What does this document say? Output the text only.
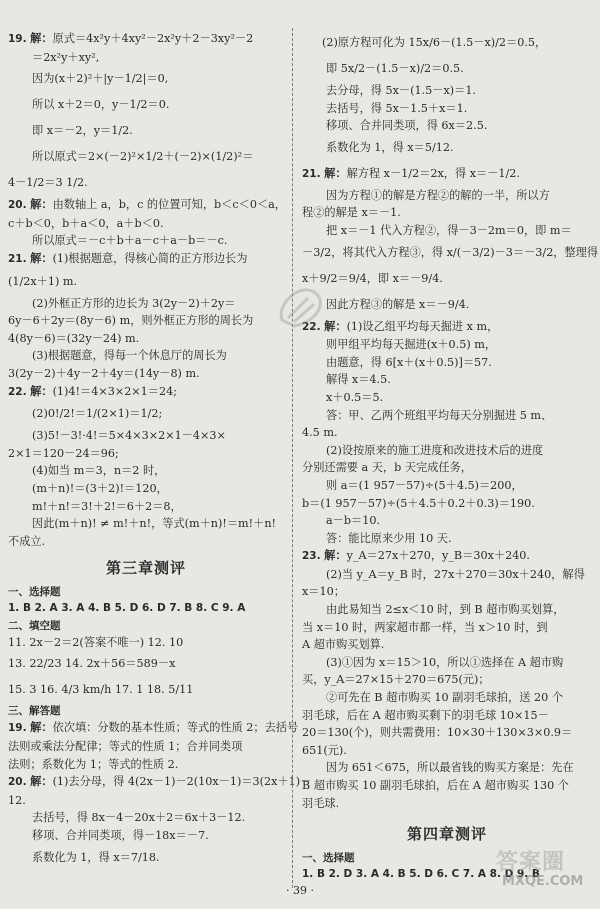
19. 解：原式＝4x²y＋4xy²－2x²y＋2－3xy²－2
＝2x²y＋xy²,
因为(x＋2)²＋|y－1/2|＝0,
所以 x＋2＝0，y－1/2＝0.
即 x＝－2，y＝1/2.
所以原式＝2×(－2)²×1/2＋(－2)×(1/2)²＝
4－1/2＝3 1/2.
20. 解：由数轴上 a，b，c 的位置可知，b＜c＜0＜a，
c＋b＜0，b＋a＜0，a＋b＜0.
所以原式＝－c＋b＋a－c＋a－b＝－c.
21. 解：(1)根据题意，得核心简的正方形边长为
(1/2x＋1) m.
(2)外框正方形的边长为 3(2y－2)＋2y＝
6y－6＋2y＝(8y－6) m，则外框正方形的周长为
4(8y－6)＝(32y－24) m.
(3)根据题意，得每一个休息厅的周长为
3(2y－2)＋4y－2＋4y＝(14y－8) m.
22. 解：(1)4!＝4×3×2×1＝24;
(2)0!/2!＝1/(2×1)＝1/2;
(3)5!－3!·4!＝5×4×3×2×1－4×3×
2×1＝120－24＝96;
(4)如当 m＝3，n＝2 时，
(m＋n)!＝(3＋2)!＝120，
m!＋n!＝3!＋2!＝6＋2＝8，
因此(m＋n)! ≠ m!＋n!，等式(m＋n)!＝m!＋n!
不成立.
第三章测评
一、选择题
1. B 2. A 3. A 4. B 5. D 6. D 7. B 8. C 9. A
二、填空题
11. 2x－2＝2(答案不唯一) 12. 10
13. 22/23 14. 2x＋56＝589－x
15. 3 16. 4/3 km/h 17. 1 18. 5/11
三、解答题
19. 解：依次填：分数的基本性质；等式的性质 2；去括号
法则或乘法分配律；等式的性质 1；合并同类项
法则；系数化为 1；等式的性质 2.
20. 解：(1)去分母，得 4(2x－1)－2(10x－1)＝3(2x＋1)－
12.
去括号，得 8x－4－20x＋2＝6x＋3－12.
移项、合并同类项，得－18x＝－7.
系数化为 1，得 x＝7/18.
(2)原方程可化为 15x/6－(1.5－x)/2＝0.5，
即 5x/2－(1.5－x)/2＝0.5.
去分母，得 5x－(1.5－x)＝1.
去括号，得 5x－1.5＋x＝1.
移项、合并同类项，得 6x＝2.5.
系数化为 1，得 x＝5/12.
21. 解：解方程 x－1/2＝2x，得 x＝－1/2.
因为方程①的解是方程②的解的一半，所以方
程②的解是 x＝－1.
把 x＝－1 代入方程②，得－3－2m＝0，即 m＝
－3/2，将其代入方程③，得 x/(－3/2)－3＝－3/2，整理得
x＋9/2＝9/4，即 x＝－9/4.
因此方程③的解是 x＝－9/4.
22. 解：(1)设乙组平均每天掘进 x m，
则甲组平均每天掘进(x＋0.5) m，
由题意，得 6[x＋(x＋0.5)]＝57.
解得 x＝4.5.
x＋0.5＝5.
答：甲、乙两个班组平均每天分别掘进 5 m、
4.5 m.
(2)设按原来的施工进度和改进技术后的进度
分别还需要 a 天，b 天完成任务，
则 a＝(1 957－57)÷(5＋4.5)＝200，
b＝(1 957－57)÷(5＋4.5＋0.2＋0.3)＝190.
a－b＝10.
答：能比原来少用 10 天.
23. 解：y_A＝27x＋270，y_B＝30x＋240.
(2)当 y_A＝y_B 时，27x＋270＝30x＋240，解得
x＝10；
由此易知当 2≤x＜10 时，到 B 超市购买划算，
当 x＝10 时，两家超市都一样，当 x＞10 时，到
A 超市购买划算.
(3)①因为 x＝15＞10，所以①选择在 A 超市购
买，y_A＝27×15＋270＝675(元)；
②可先在 B 超市购买 10 副羽毛球拍，送 20 个
羽毛球，后在 A 超市购买剩下的羽毛球 10×15－
20＝130(个)，则共需费用：10×30＋130×3×0.9＝
651(元).
因为 651＜675，所以最省钱的购买方案是：先在
B 超市购买 10 副羽毛球拍，后在 A 超市购买 130 个
羽毛球.
第四章测评
一、选择题
1. B 2. D 3. A 4. B 5. D 6. C 7. A 8. D 9. B
· 39 ·
答案圈
MXQE.COM
